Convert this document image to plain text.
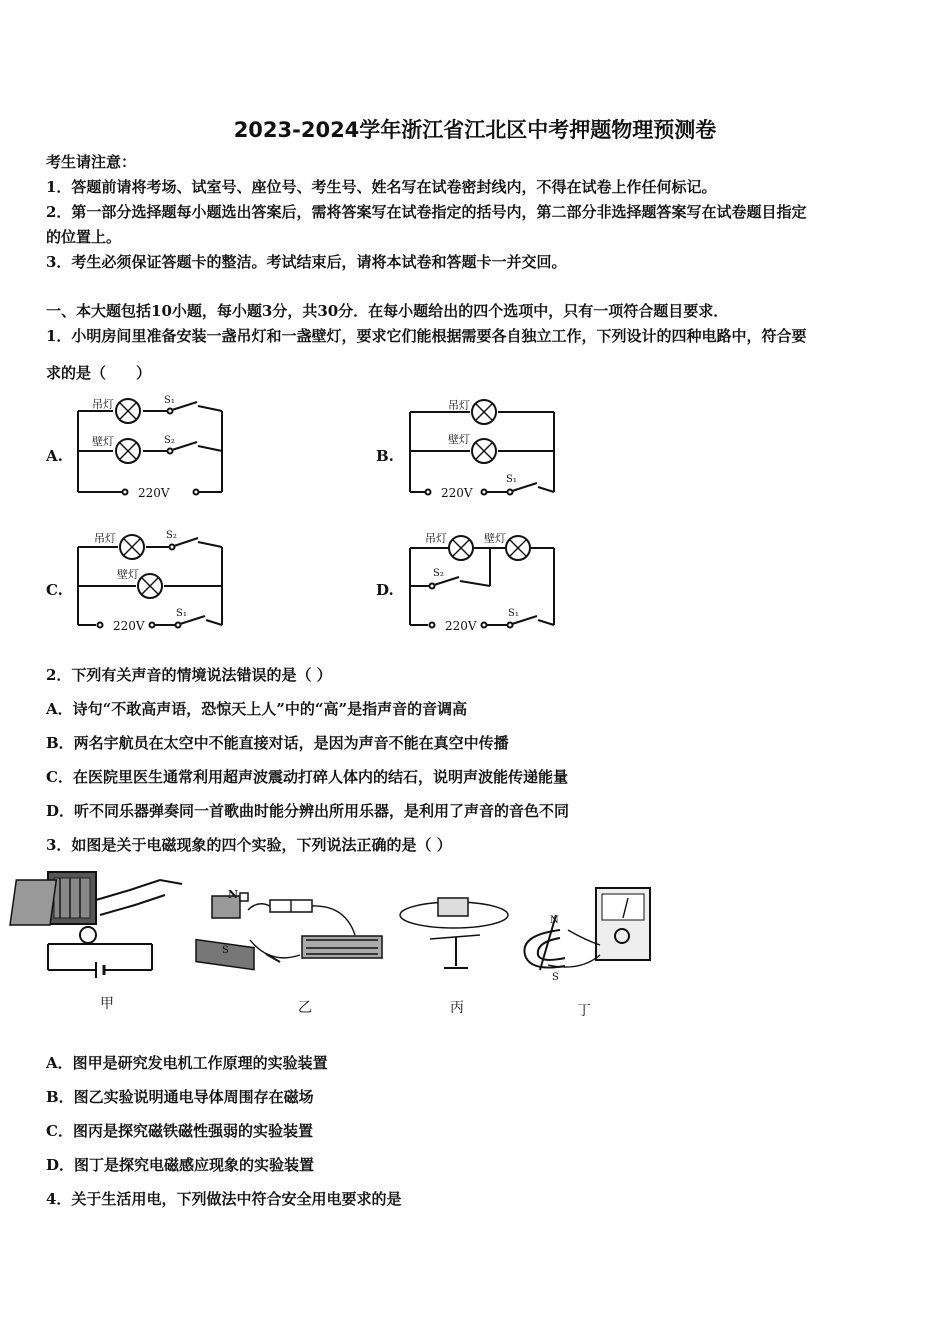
2023-2024学年浙江省江北区中考押题物理预测卷
考生请注意：
1．答题前请将考场、试室号、座位号、考生号、姓名写在试卷密封线内，不得在试卷上作任何标记。
2．第一部分选择题每小题选出答案后，需将答案写在试卷指定的括号内，第二部分非选择题答案写在试卷题目指定
的位置上。
3．考生必须保证答题卡的整洁。考试结束后，请将本试卷和答题卡一并交回。
一、本大题包括10小题，每小题3分，共30分．在每小题给出的四个选项中，只有一项符合题目要求．
1．小明房间里准备安装一盏吊灯和一盏壁灯，要求它们能根据需要各自独立工作，下列设计的四种电路中，符合要
求的是（　　）
A.	B.
C.	D.
吊灯
壁灯
S₁
S₂
220V
吊灯
壁灯
S₁
220V
吊灯
壁灯
S₂
S₁
220V
吊灯	壁灯
S₂
S₁
220V
2．下列有关声音的情境说法错误的是（ ）
A．诗句“不敢高声语，恐惊天上人”中的“高”是指声音的音调高
B．两名宇航员在太空中不能直接对话，是因为声音不能在真空中传播
C．在医院里医生通常利用超声波震动打碎人体内的结石，说明声波能传递能量
D．听不同乐器弹奏同一首歌曲时能分辨出所用乐器，是利用了声音的音色不同
3．如图是关于电磁现象的四个实验，下列说法正确的是（ ）
N
S
N
S
甲	乙	丙	丁
A．图甲是研究发电机工作原理的实验装置
B．图乙实验说明通电导体周围存在磁场
C．图丙是探究磁铁磁性强弱的实验装置
D．图丁是探究电磁感应现象的实验装置
4．关于生活用电，下列做法中符合安全用电要求的是
